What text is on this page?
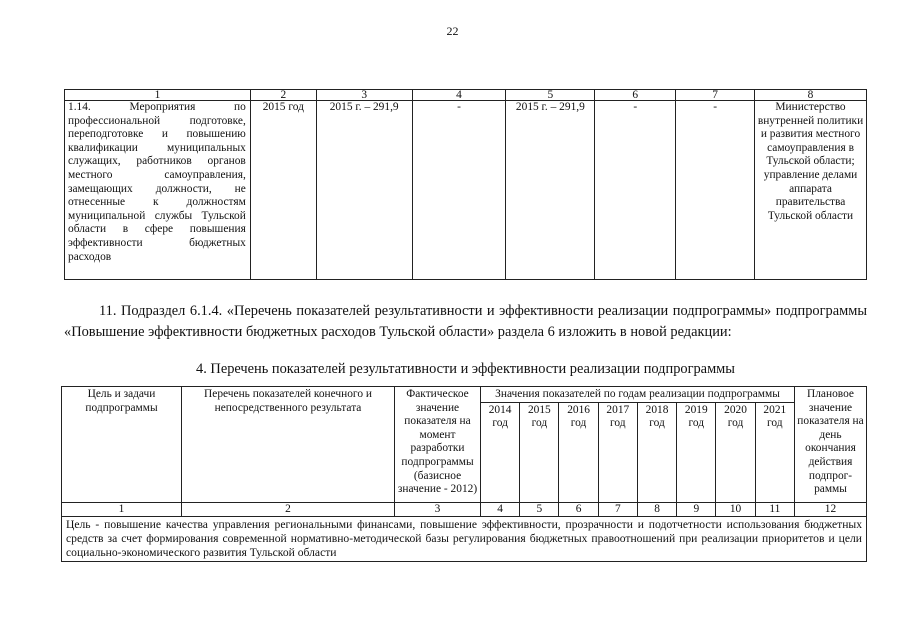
22
1	2	3	4	5	6	7	8
1.14. Мероприятия по профессиональной подготовке, переподготовке и повышению квалификации муниципальных служащих, работников органов местного самоуправления, замещающих должности, не отнесенные к должностям муниципальной службы Тульской области в сфере повышения эффективности бюджетных расходов	2015 год	2015 г. – 291,9	-	2015 г. – 291,9	-	-	Министерство внутренней политики и развития местного самоуправления в Тульской области; управление делами аппарата правительства Тульской области
11. Подраздел 6.1.4. «Перечень показателей результативности и эффективности реализации подпрограммы» подпрограммы «Повышение эффективности бюджетных расходов Тульской области» раздела 6 изложить в новой редакции:
4. Перечень показателей результативности и эффективности реализации подпрограммы
Цель и задачи подпрограммы	Перечень показателей конечного и непосредственного результата	Фактическое значение показателя на момент разработки подпрограммы (базисное значение - 2012)	Значения показателей по годам реализации подпрограммы								Плановое значение показателя на день окончания действия подпрог-раммы
			2014 год	2015 год	2016 год	2017 год	2018 год	2019 год	2020 год	2021 год	
1	2	3	4	5	6	7	8	9	10	11	12
Цель - повышение качества управления региональными финансами, повышение эффективности, прозрачности и подотчетности использования бюджетных средств за счет формирования современной нормативно-методической базы регулирования бюджетных правоотношений при реализации приоритетов и цели социально-экономического развития Тульской области											
